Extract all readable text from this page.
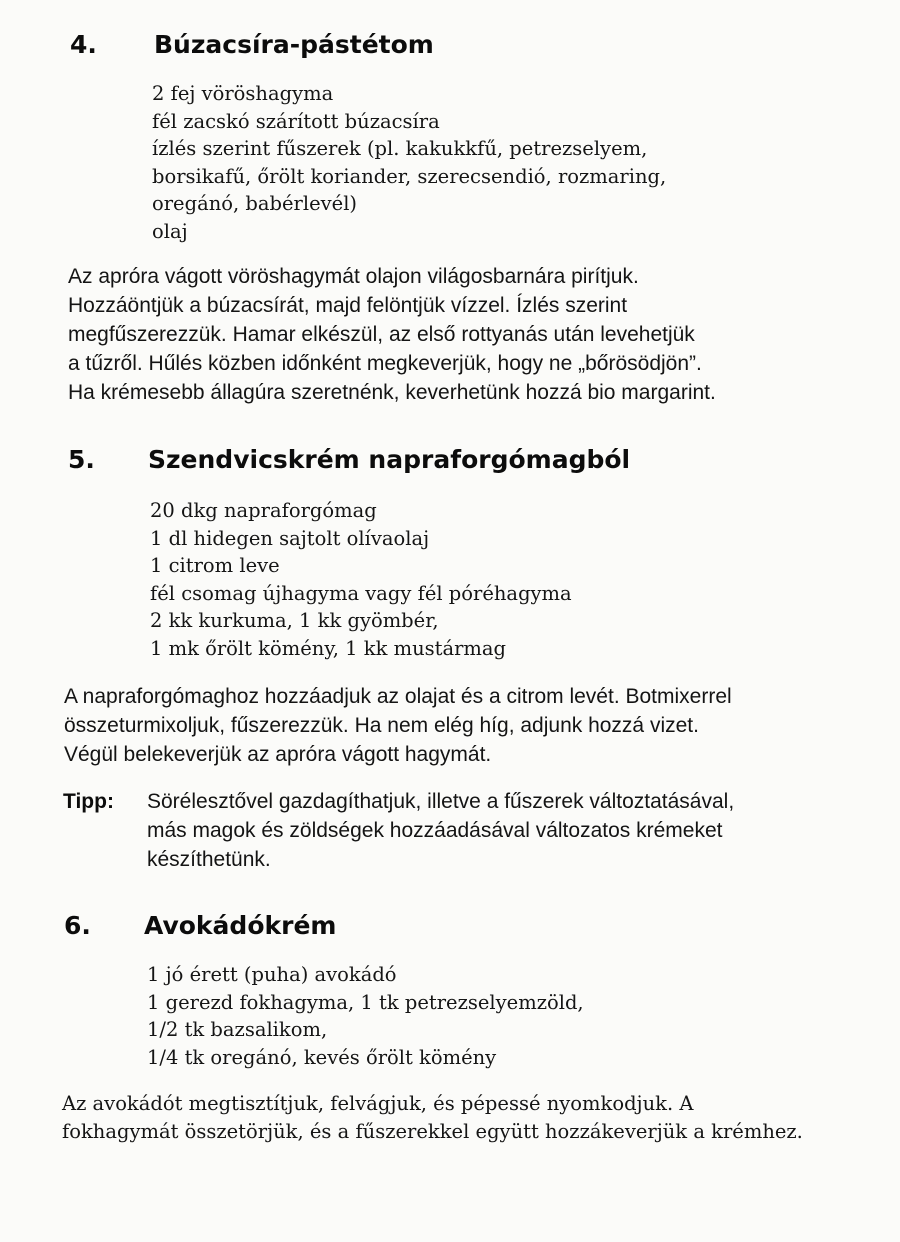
4.	Búzacsíra-pástétom
2 fej vöröshagyma
fél zacskó szárított búzacsíra
ízlés szerint fűszerek (pl. kakukkfű, petrezselyem,
borsikafű, őrölt koriander, szerecsendió, rozmaring,
oregánó, babérlevél)
olaj
Az apróra vágott vöröshagymát olajon világosbarnára pirítjuk.
Hozzáöntjük a búzacsírát, majd felöntjük vízzel. Ízlés szerint
megfűszerezzük. Hamar elkészül, az első rottyanás után levehetjük
a tűzről. Hűlés közben időnként megkeverjük, hogy ne „bőrösödjön”.
Ha krémesebb állagúra szeretnénk, keverhetünk hozzá bio margarint.
5.	Szendvicskrém napraforgómagból
20 dkg napraforgómag
1 dl hidegen sajtolt olívaolaj
1 citrom leve
fél csomag újhagyma vagy fél póréhagyma
2 kk kurkuma, 1 kk gyömbér,
1 mk őrölt kömény, 1 kk mustármag
A napraforgómaghoz hozzáadjuk az olajat és a citrom levét. Botmixerrel
összeturmixoljuk, fűszerezzük. Ha nem elég híg, adjunk hozzá vizet.
Végül belekeverjük az apróra vágott hagymát.
Tipp: Sörélesztővel gazdagíthatjuk, illetve a fűszerek változtatásával,
más magok és zöldségek hozzáadásával változatos krémeket
készíthetünk.
6.	Avokádókrém
1 jó érett (puha) avokádó
1 gerezd fokhagyma, 1 tk petrezselyemzöld,
1/2 tk bazsalikom,
1/4 tk oregánó, kevés őrölt kömény
Az avokádót megtisztítjuk, felvágjuk, és pépessé nyomkodjuk. A
fokhagymát összetörjük, és a fűszerekkel együtt hozzákeverjük a krémhez.
